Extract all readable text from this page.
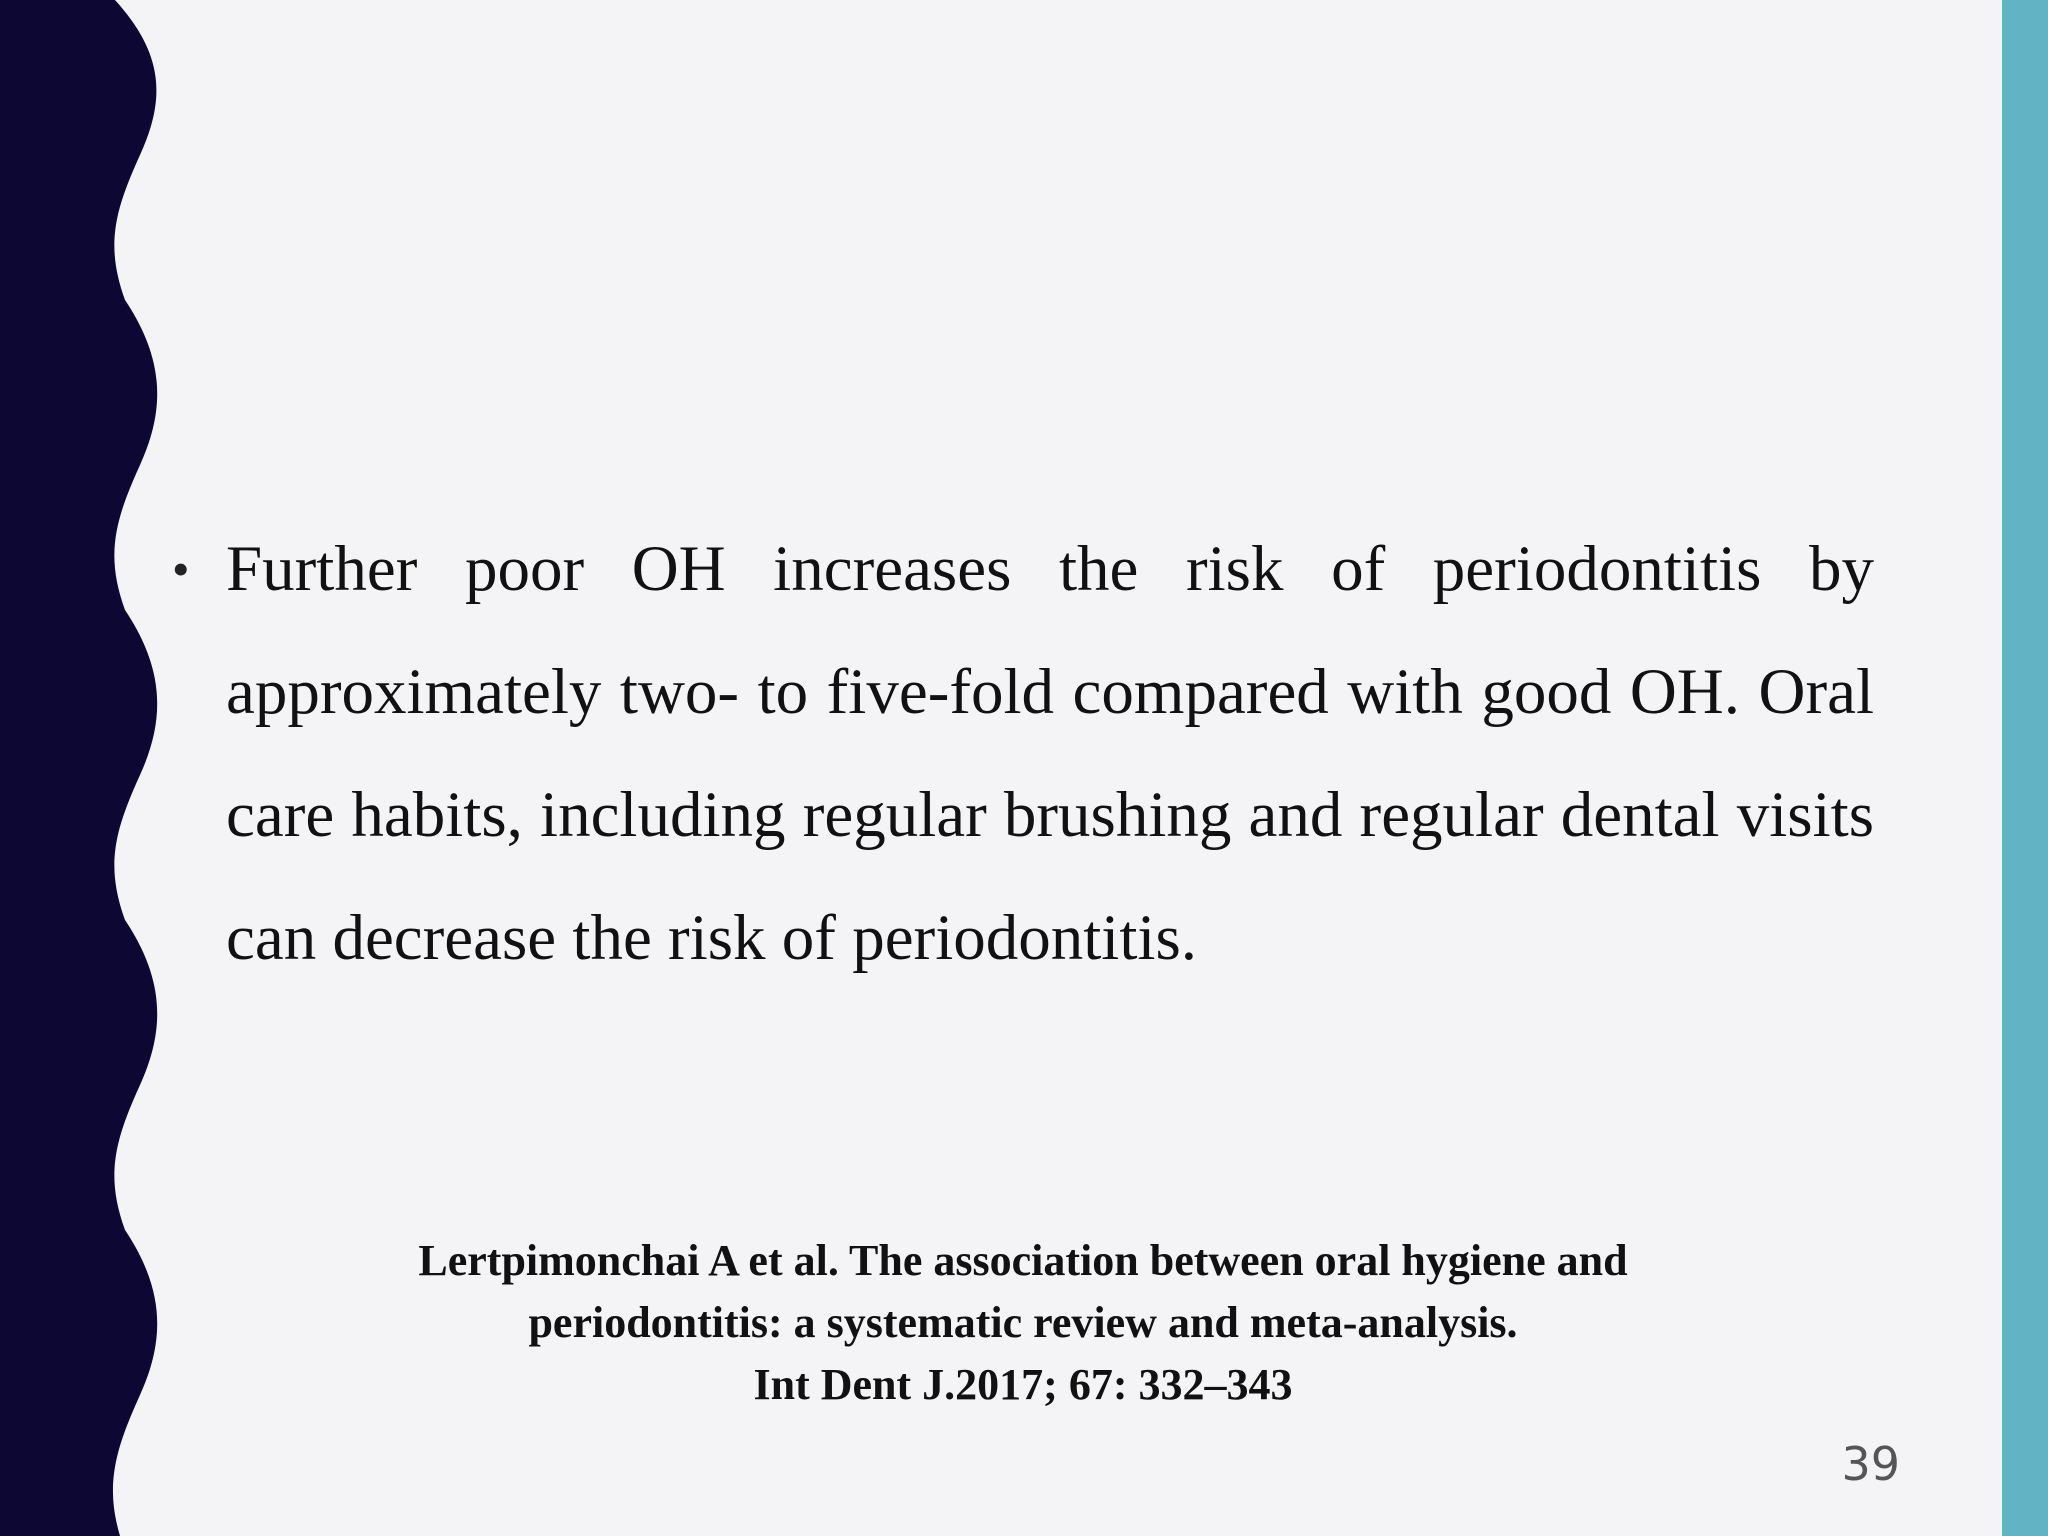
• Further poor OH increases the risk of periodontitis by approximately two- to five-fold compared with good OH. Oral care habits, including regular brushing and regular dental visits can decrease the risk of periodontitis.
Lertpimonchai A et al. The association between oral hygiene and
periodontitis: a systematic review and meta-analysis.
Int Dent J.2017; 67: 332–343
39
